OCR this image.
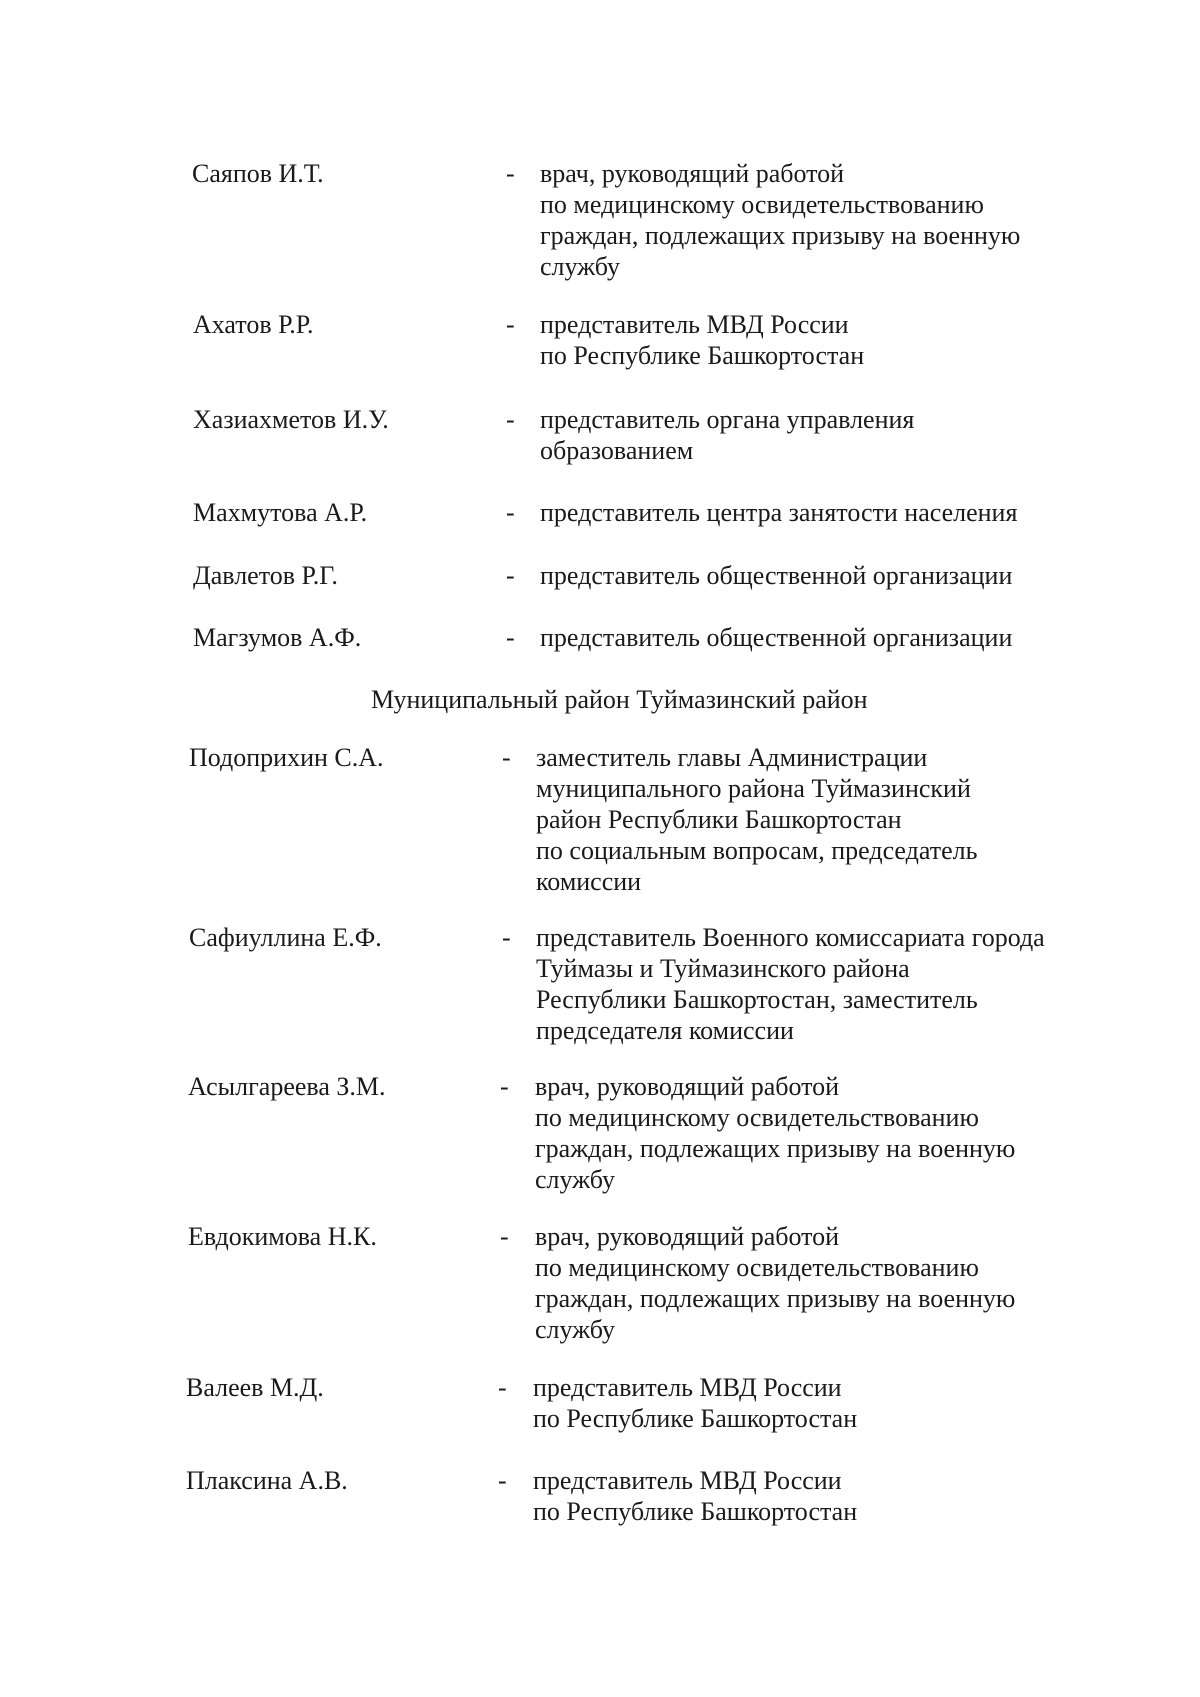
Саяпов И.Т.	- врач, руководящий работой
по медицинскому освидетельствованию
граждан, подлежащих призыву на военную
службу
Ахатов Р.Р.	- представитель МВД России
по Республике Башкортостан
Хазиахметов И.У.	- представитель органа управления
образованием
Махмутова А.Р.	- представитель центра занятости населения
Давлетов Р.Г.	- представитель общественной организации
Магзумов А.Ф.	- представитель общественной организации
Муниципальный район Туймазинский район
Подоприхин С.А.	- заместитель главы Администрации
муниципального района Туймазинский
район Республики Башкортостан
по социальным вопросам, председатель
комиссии
Сафиуллина Е.Ф.	- представитель Военного комиссариата города
Туймазы и Туймазинского района
Республики Башкортостан, заместитель
председателя комиссии
Асылгареева З.М.	- врач, руководящий работой
по медицинскому освидетельствованию
граждан, подлежащих призыву на военную
службу
Евдокимова Н.К.	- врач, руководящий работой
по медицинскому освидетельствованию
граждан, подлежащих призыву на военную
службу
Валеев М.Д.	- представитель МВД России
по Республике Башкортостан
Плаксина А.В.	- представитель МВД России
по Республике Башкортостан
